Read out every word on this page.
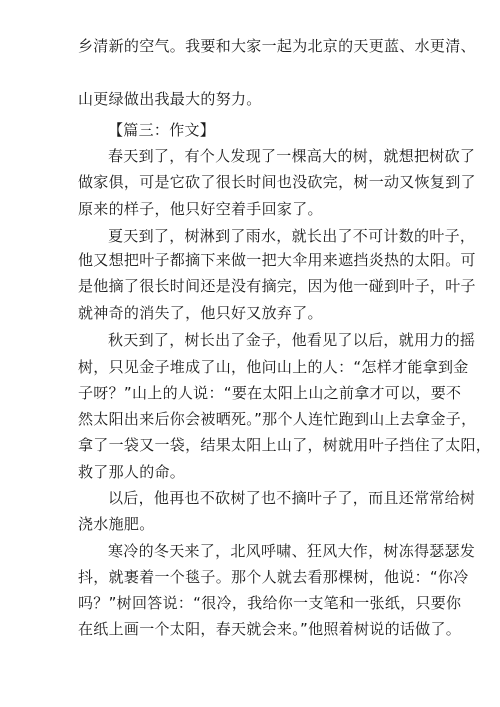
乡清新的空气。我要和大家一起为北京的天更蓝、水更清、
山更绿做出我最大的努力。
【篇三：作文】
春天到了，有个人发现了一棵高大的树，就想把树砍了
做家俱，可是它砍了很长时间也没砍完，树一动又恢复到了
原来的样子，他只好空着手回家了。
夏天到了，树淋到了雨水，就长出了不可计数的叶子，
他又想把叶子都摘下来做一把大伞用来遮挡炎热的太阳。可
是他摘了很长时间还是没有摘完，因为他一碰到叶子，叶子
就神奇的消失了，他只好又放弃了。
秋天到了，树长出了金子，他看见了以后，就用力的摇
树，只见金子堆成了山，他问山上的人：“怎样才能拿到金
子呀？”山上的人说：“要在太阳上山之前拿才可以，要不
然太阳出来后你会被晒死。”那个人连忙跑到山上去拿金子，
拿了一袋又一袋，结果太阳上山了，树就用叶子挡住了太阳，
救了那人的命。
以后，他再也不砍树了也不摘叶子了，而且还常常给树
浇水施肥。
寒冷的冬天来了，北风呼啸、狂风大作，树冻得瑟瑟发
抖，就裹着一个毯子。那个人就去看那棵树，他说：“你冷
吗？”树回答说：“很冷，我给你一支笔和一张纸，只要你
在纸上画一个太阳，春天就会来。”他照着树说的话做了。
